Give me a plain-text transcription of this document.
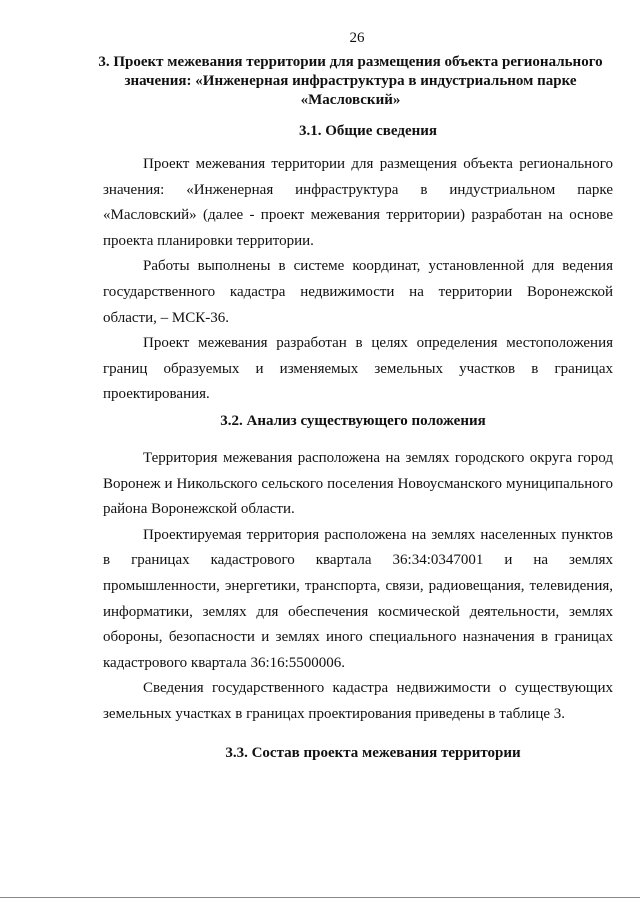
26

3. Проект межевания территории для размещения объекта регионального значения: «Инженерная инфраструктура в индустриальном парке «Масловский»

3.1. Общие сведения

Проект межевания территории для размещения объекта регионального значения: «Инженерная инфраструктура в индустриальном парке «Масловский» (далее - проект межевания территории) разработан на основе проекта планировки территории.

Работы выполнены в системе координат, установленной для ведения государственного кадастра недвижимости на территории Воронежской области, – МСК-36.

Проект межевания разработан в целях определения местоположения границ образуемых и изменяемых земельных участков в границах проектирования.

3.2. Анализ существующего положения

Территория межевания расположена на землях городского округа город Воронеж и Никольского сельского поселения Новоусманского муниципального района Воронежской области.

Проектируемая территория расположена на землях населенных пунктов в границах кадастрового квартала 36:34:0347001 и на землях промышленности, энергетики, транспорта, связи, радиовещания, телевидения, информатики, землях для обеспечения космической деятельности, землях обороны, безопасности и землях иного специального назначения в границах кадастрового квартала 36:16:5500006.

Сведения государственного кадастра недвижимости о существующих земельных участках в границах проектирования приведены в таблице 3.

3.3. Состав проекта межевания территории
